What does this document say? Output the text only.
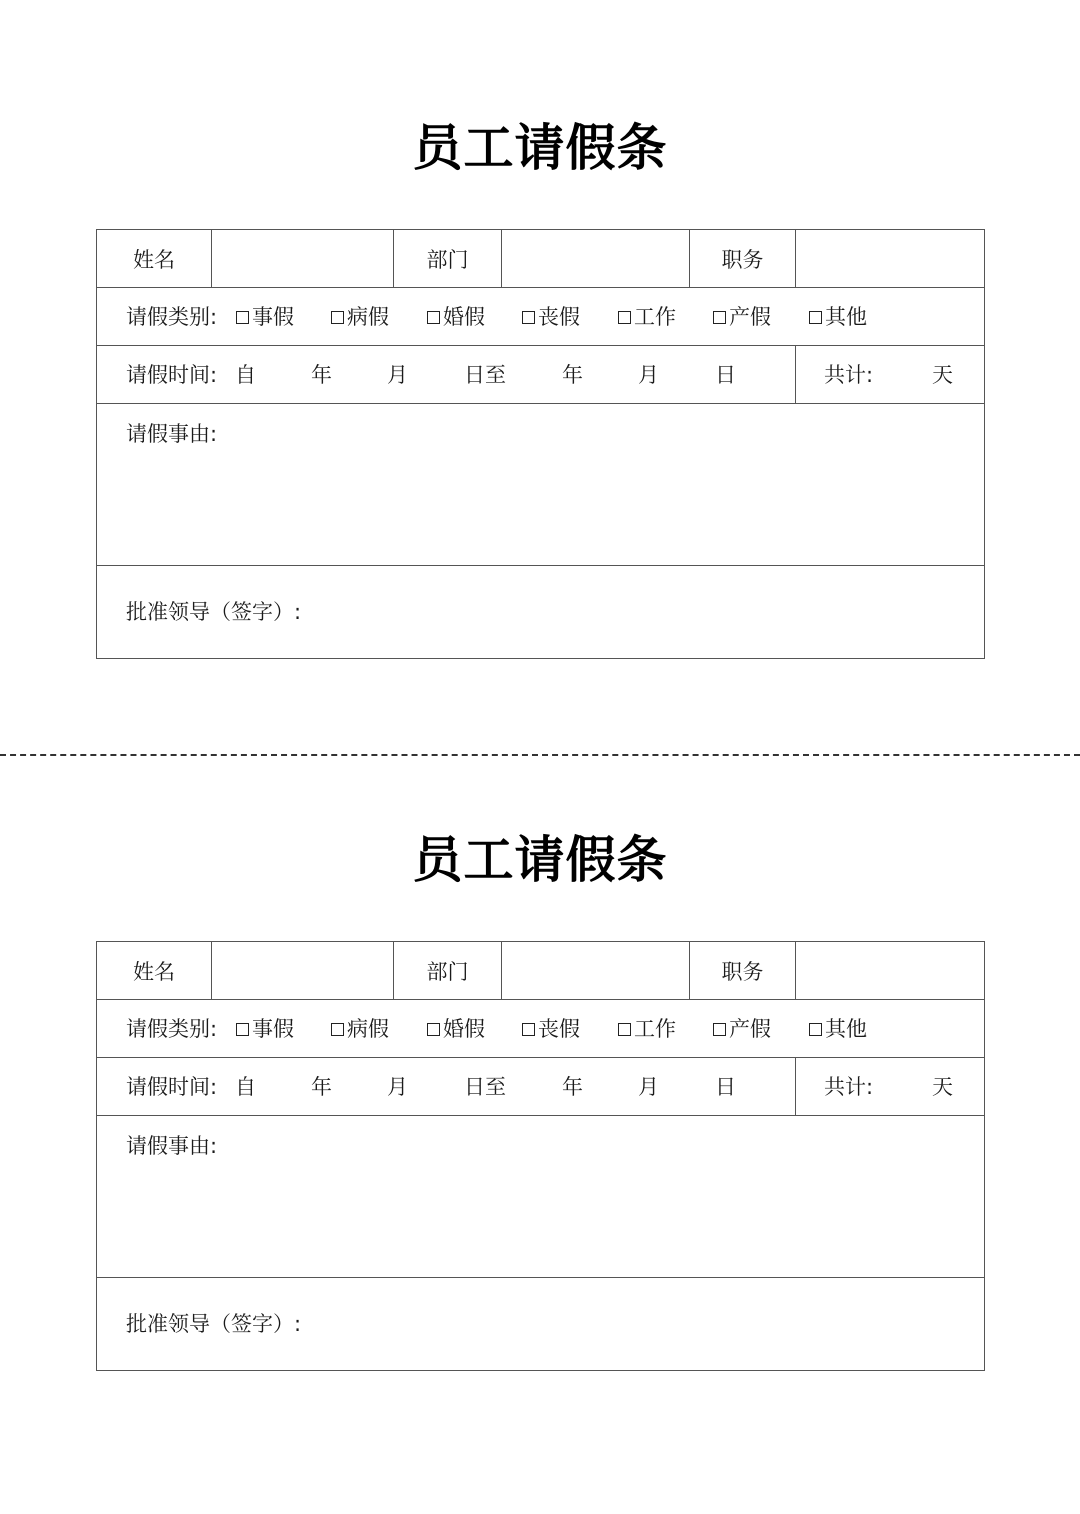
员工请假条
姓名	部门	职务
请假类别: 事假	病假	婚假	丧假	工作	产假	其他
请假时间: 自	年	月	日至	年	月	日	共计:	天
请假事由:
批准领导（签字）:
员工请假条
姓名	部门	职务
请假类别: 事假	病假	婚假	丧假	工作	产假	其他
请假时间: 自	年	月	日至	年	月	日	共计:	天
请假事由:
批准领导（签字）:
